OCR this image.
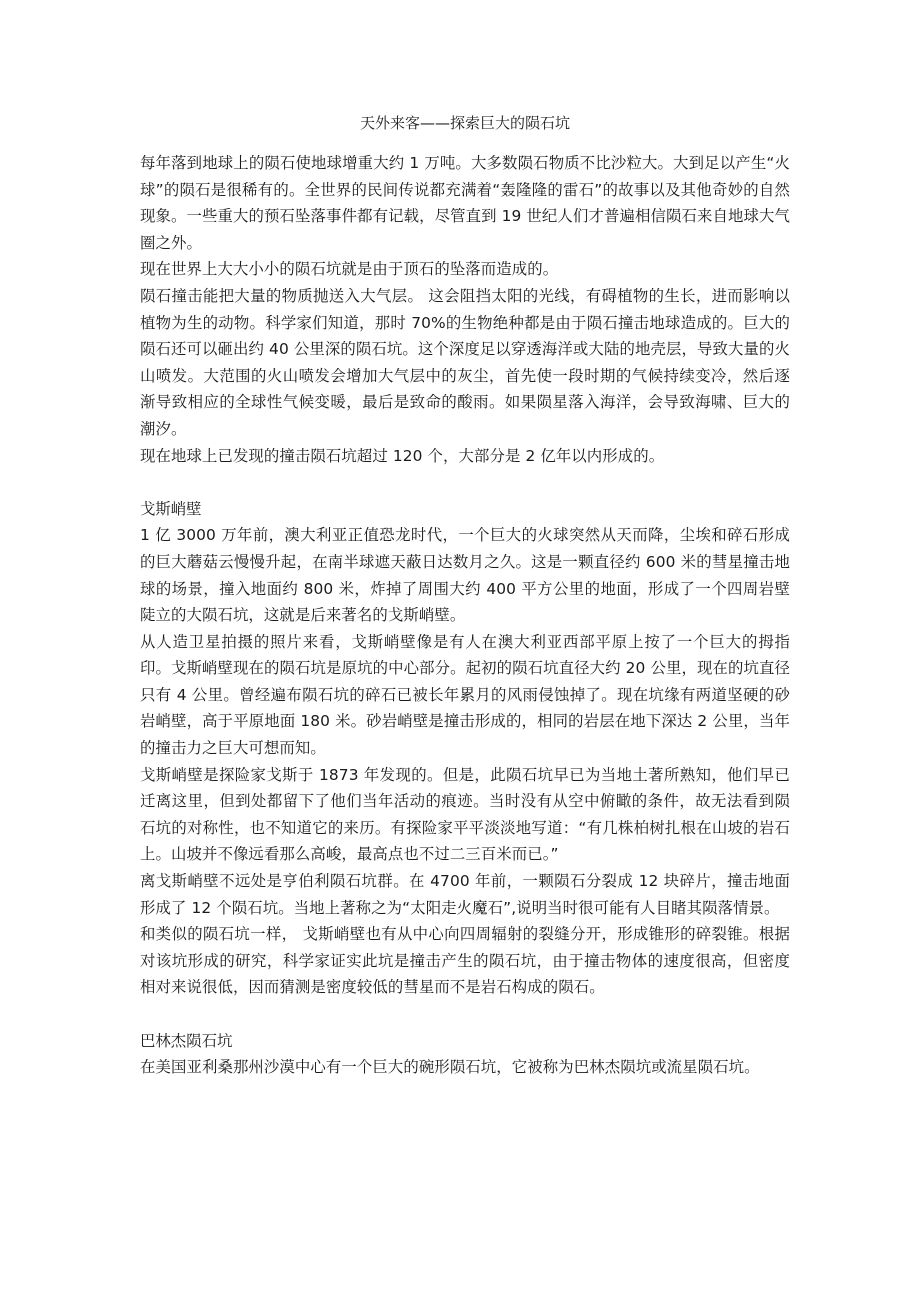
天外来客——探索巨大的陨石坑

每年落到地球上的陨石使地球增重大约 1 万吨。大多数陨石物质不比沙粒大。大到足以产生“火球”的陨石是很稀有的。全世界的民间传说都充满着“轰隆隆的雷石”的故事以及其他奇妙的自然现象。一些重大的预石坠落事件都有记载，尽管直到 19 世纪人们才普遍相信陨石来自地球大气圈之外。

现在世界上大大小小的陨石坑就是由于顶石的坠落而造成的。

陨石撞击能把大量的物质抛送入大气层。 这会阻挡太阳的光线，有碍植物的生长，进而影响以植物为生的动物。科学家们知道，那时 70%的生物绝种都是由于陨石撞击地球造成的。巨大的陨石还可以砸出约 40 公里深的陨石坑。这个深度足以穿透海洋或大陆的地壳层，导致大量的火山喷发。大范围的火山喷发会增加大气层中的灰尘，首先使一段时期的气候持续变冷，然后逐渐导致相应的全球性气候变暖，最后是致命的酸雨。如果陨星落入海洋，会导致海啸、巨大的潮汐。

现在地球上已发现的撞击陨石坑超过 120 个，大部分是 2 亿年以内形成的。

戈斯峭壁

1 亿 3000 万年前，澳大利亚正值恐龙时代，一个巨大的火球突然从天而降，尘埃和碎石形成的巨大蘑菇云慢慢升起，在南半球遮天蔽日达数月之久。这是一颗直径约 600 米的彗星撞击地球的场景，撞入地面约 800 米，炸掉了周围大约 400 平方公里的地面，形成了一个四周岩壁陡立的大陨石坑，这就是后来著名的戈斯峭壁。

从人造卫星拍摄的照片来看，戈斯峭壁像是有人在澳大利亚西部平原上按了一个巨大的拇指印。戈斯峭壁现在的陨石坑是原坑的中心部分。起初的陨石坑直径大约 20 公里，现在的坑直径只有 4 公里。曾经遍布陨石坑的碎石已被长年累月的风雨侵蚀掉了。现在坑缘有两道坚硬的砂岩峭壁，高于平原地面 180 米。砂岩峭壁是撞击形成的，相同的岩层在地下深达 2 公里，当年的撞击力之巨大可想而知。

戈斯峭壁是探险家戈斯于 1873 年发现的。但是，此陨石坑早已为当地土著所熟知，他们早已迁离这里，但到处都留下了他们当年活动的痕迹。当时没有从空中俯瞰的条件，故无法看到陨石坑的对称性，也不知道它的来历。有探险家平平淡淡地写道：“有几株柏树扎根在山坡的岩石上。山坡并不像远看那么高峻，最高点也不过二三百米而已。”

离戈斯峭壁不远处是亨伯利陨石坑群。在 4700 年前，一颗陨石分裂成 12 块碎片，撞击地面形成了 12 个陨石坑。当地上著称之为“太阳走火魔石”,说明当时很可能有人目睹其陨落情景。

和类似的陨石坑一样， 戈斯峭壁也有从中心向四周辐射的裂缝分开，形成锥形的碎裂锥。根据对该坑形成的研究，科学家证实此坑是撞击产生的陨石坑，由于撞击物体的速度很高，但密度相对来说很低，因而猜测是密度较低的彗星而不是岩石构成的陨石。

巴林杰陨石坑

在美国亚利桑那州沙漠中心有一个巨大的碗形陨石坑，它被称为巴林杰陨坑或流星陨石坑。
